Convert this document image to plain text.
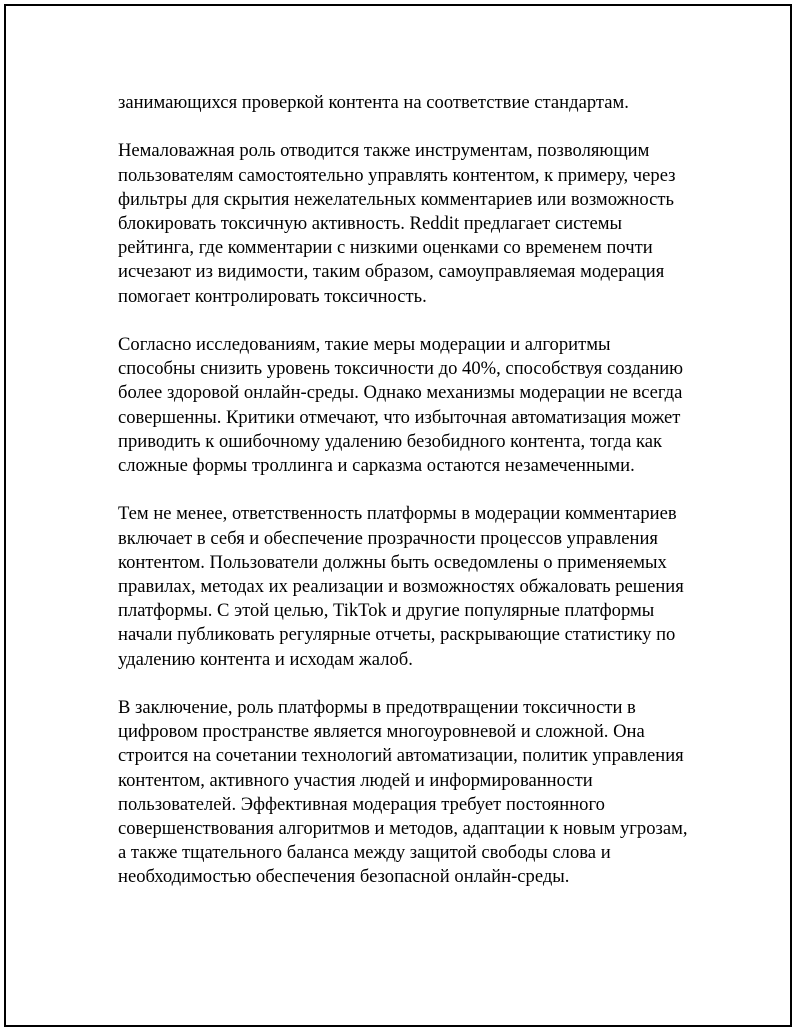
занимающихся проверкой контента на соответствие стандартам.

Немаловажная роль отводится также инструментам, позволяющим
пользователям самостоятельно управлять контентом, к примеру, через
фильтры для скрытия нежелательных комментариев или возможность
блокировать токсичную активность. Reddit предлагает системы
рейтинга, где комментарии с низкими оценками со временем почти
исчезают из видимости, таким образом, самоуправляемая модерация
помогает контролировать токсичность.

Согласно исследованиям, такие меры модерации и алгоритмы
способны снизить уровень токсичности до 40%, способствуя созданию
более здоровой онлайн-среды. Однако механизмы модерации не всегда
совершенны. Критики отмечают, что избыточная автоматизация может
приводить к ошибочному удалению безобидного контента, тогда как
сложные формы троллинга и сарказма остаются незамеченными.

Тем не менее, ответственность платформы в модерации комментариев
включает в себя и обеспечение прозрачности процессов управления
контентом. Пользователи должны быть осведомлены о применяемых
правилах, методах их реализации и возможностях обжаловать решения
платформы. С этой целью, TikTok и другие популярные платформы
начали публиковать регулярные отчеты, раскрывающие статистику по
удалению контента и исходам жалоб.

В заключение, роль платформы в предотвращении токсичности в
цифровом пространстве является многоуровневой и сложной. Она
строится на сочетании технологий автоматизации, политик управления
контентом, активного участия людей и информированности
пользователей. Эффективная модерация требует постоянного
совершенствования алгоритмов и методов, адаптации к новым угрозам,
а также тщательного баланса между защитой свободы слова и
необходимостью обеспечения безопасной онлайн-среды.
